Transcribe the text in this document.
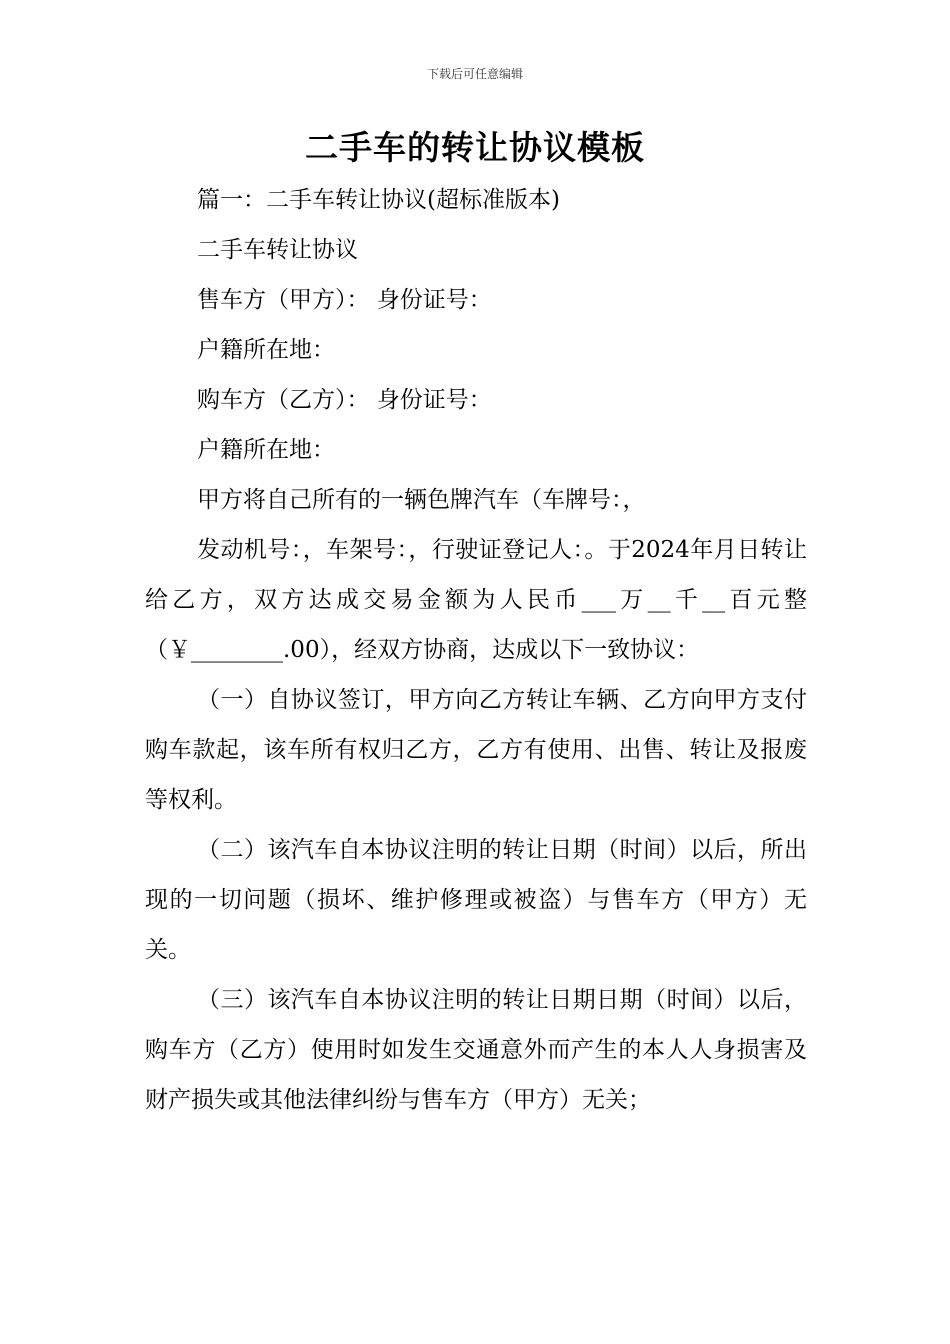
下载后可任意编辑
二手车的转让协议模板
篇一：二手车转让协议(超标准版本)
二手车转让协议
售车方（甲方）： 身份证号：
户籍所在地：
购车方（乙方）： 身份证号：
户籍所在地：
甲方将自己所有的一辆色牌汽车（车牌号：，
发动机号：，车架号：，行驶证登记人：。于2024年月日转让给乙方，双方达成交易金额为人民币___万__千__百元整（￥________.00），经双方协商，达成以下一致协议：
（一）自协议签订，甲方向乙方转让车辆、乙方向甲方支付购车款起，该车所有权归乙方，乙方有使用、出售、转让及报废等权利。
（二）该汽车自本协议注明的转让日期（时间）以后，所出现的一切问题（损坏、维护修理或被盗）与售车方（甲方）无关。
（三）该汽车自本协议注明的转让日期日期（时间）以后，购车方（乙方）使用时如发生交通意外而产生的本人人身损害及财产损失或其他法律纠纷与售车方（甲方）无关；
